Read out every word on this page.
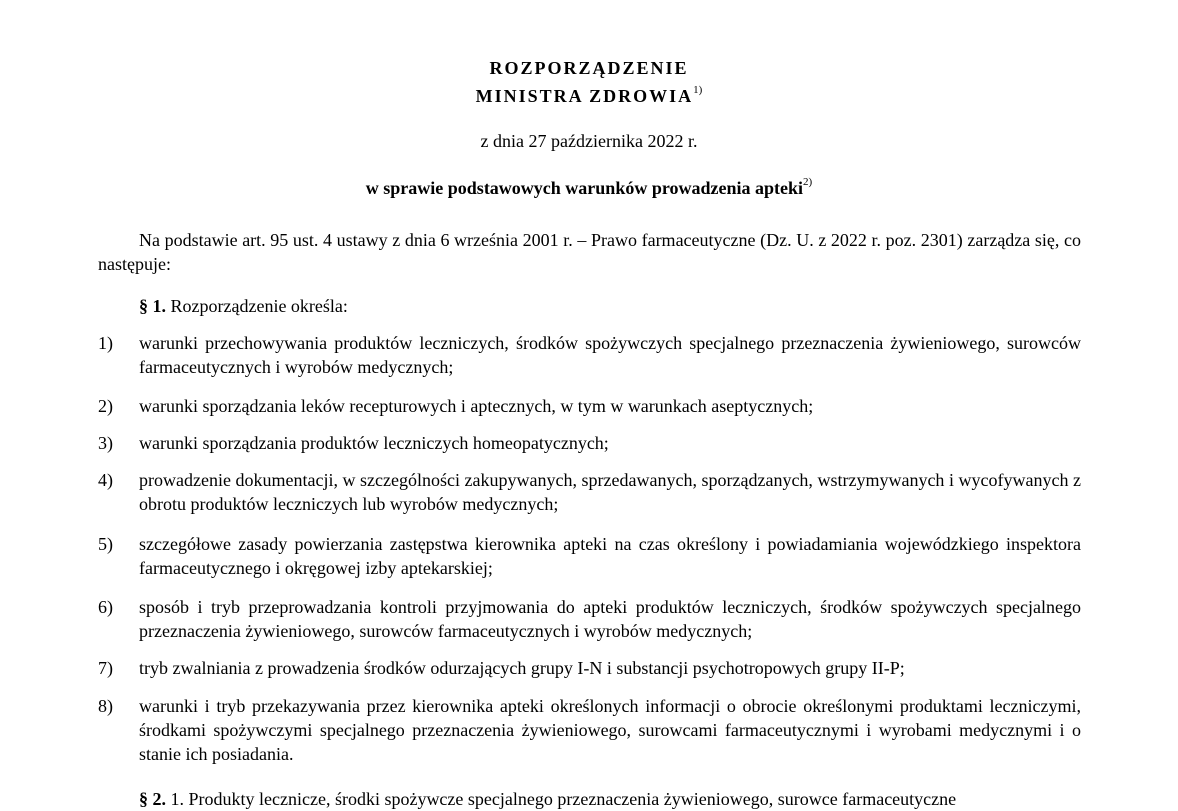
ROZPORZĄDZENIE
MINISTRA ZDROWIA$^{1)}$
z dnia 27 października 2022 r.
w sprawie podstawowych warunków prowadzenia apteki$^{2)}$
Na podstawie art. 95 ust. 4 ustawy z dnia 6 września 2001 r. – Prawo farmaceutyczne (Dz. U. z 2022 r. poz. 2301) zarządza się, co następuje:
§ 1. Rozporządzenie określa:
1)	warunki przechowywania produktów leczniczych, środków spożywczych specjalnego przeznaczenia żywieniowego, surowców farmaceutycznych i wyrobów medycznych;
2)	warunki sporządzania leków recepturowych i aptecznych, w tym w warunkach aseptycznych;
3)	warunki sporządzania produktów leczniczych homeopatycznych;
4)	prowadzenie dokumentacji, w szczególności zakupywanych, sprzedawanych, sporządzanych, wstrzymywanych i wycofywanych z obrotu produktów leczniczych lub wyrobów medycznych;
5)	szczegółowe zasady powierzania zastępstwa kierownika apteki na czas określony i powiadamiania wojewódzkiego inspektora farmaceutycznego i okręgowej izby aptekarskiej;
6)	sposób i tryb przeprowadzania kontroli przyjmowania do apteki produktów leczniczych, środków spożywczych specjalnego przeznaczenia żywieniowego, surowców farmaceutycznych i wyrobów medycznych;
7)	tryb zwalniania z prowadzenia środków odurzających grupy I-N i substancji psychotropowych grupy II-P;
8)	warunki i tryb przekazywania przez kierownika apteki określonych informacji o obrocie określonymi produktami leczniczymi, środkami spożywczymi specjalnego przeznaczenia żywieniowego, surowcami farmaceutycznymi i wyrobami medycznymi i o stanie ich posiadania.
§ 2. 1. Produkty lecznicze, środki spożywcze specjalnego przeznaczenia żywieniowego, surowce farmaceutyczne
